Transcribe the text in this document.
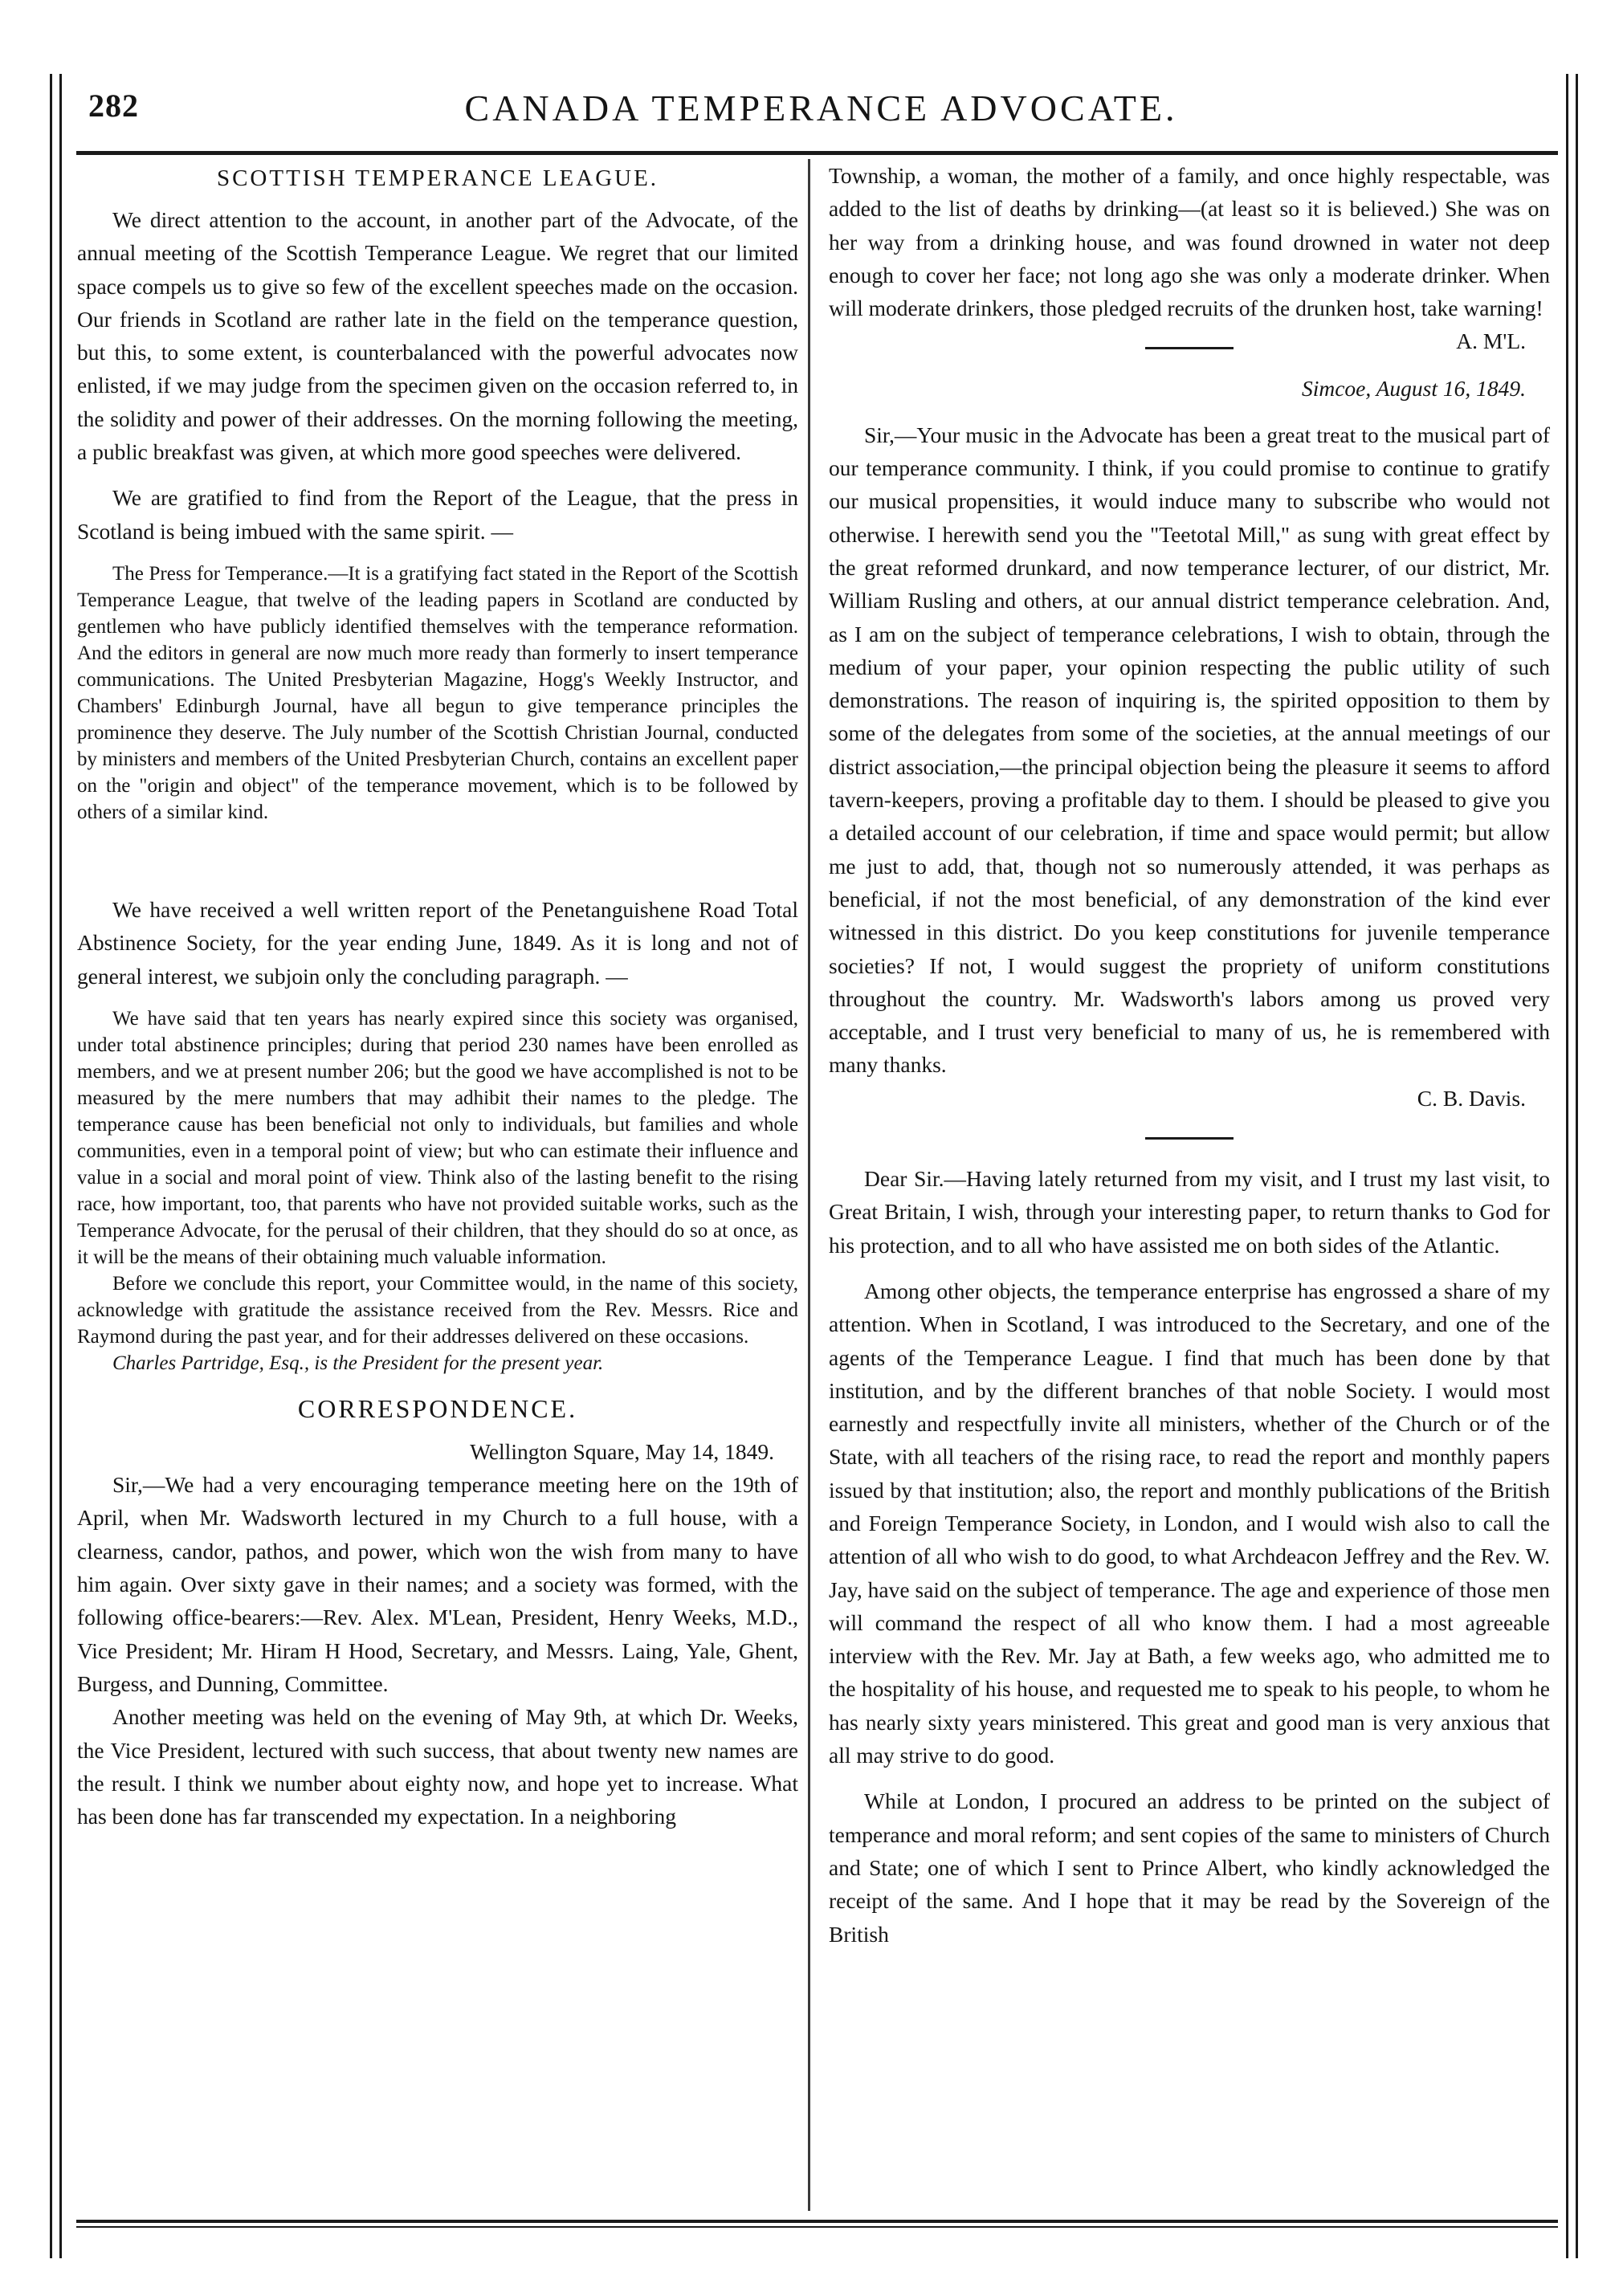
282	CANADA TEMPERANCE ADVOCATE.
SCOTTISH TEMPERANCE LEAGUE.

We direct attention to the account, in another part of the Advocate, of the annual meeting of the Scottish Temperance League. We regret that our limited space compels us to give so few of the excellent speeches made on the occasion. Our friends in Scotland are rather late in the field on the temperance question, but this, to some extent, is counterbalanced with the powerful advocates now enlisted, if we may judge from the specimen given on the occasion referred to, in the solidity and power of their addresses. On the morning following the meeting, a public breakfast was given, at which more good speeches were delivered.

We are gratified to find from the Report of the League, that the press in Scotland is being imbued with the same spirit. —

The Press for Temperance.—It is a gratifying fact stated in the Report of the Scottish Temperance League, that twelve of the leading papers in Scotland are conducted by gentlemen who have publicly identified themselves with the temperance reformation. And the editors in general are now much more ready than formerly to insert temperance communications. The United Presbyterian Magazine, Hogg's Weekly Instructor, and Chambers' Edinburgh Journal, have all begun to give temperance principles the prominence they deserve. The July number of the Scottish Christian Journal, conducted by ministers and members of the United Presbyterian Church, contains an excellent paper on the "origin and object" of the temperance movement, which is to be followed by others of a similar kind.

We have received a well written report of the Penetanguishene Road Total Abstinence Society, for the year ending June, 1849. As it is long and not of general interest, we subjoin only the concluding paragraph. —

We have said that ten years has nearly expired since this society was organised, under total abstinence principles; during that period 230 names have been enrolled as members, and we at present number 206; but the good we have accomplished is not to be measured by the mere numbers that may adhibit their names to the pledge. The temperance cause has been beneficial not only to individuals, but families and whole communities, even in a temporal point of view; but who can estimate their influence and value in a social and moral point of view. Think also of the lasting benefit to the rising race, how important, too, that parents who have not provided suitable works, such as the Temperance Advocate, for the perusal of their children, that they should do so at once, as it will be the means of their obtaining much valuable information.

Before we conclude this report, your Committee would, in the name of this society, acknowledge with gratitude the assistance received from the Rev. Messrs. Rice and Raymond during the past year, and for their addresses delivered on these occasions.

Charles Partridge, Esq., is the President for the present year.

CORRESPONDENCE.

Wellington Square, May 14, 1849.

Sir,—We had a very encouraging temperance meeting here on the 19th of April, when Mr. Wadsworth lectured in my Church to a full house, with a clearness, candor, pathos, and power, which won the wish from many to have him again. Over sixty gave in their names; and a society was formed, with the following office-bearers:—Rev. Alex. M'Lean, President, Henry Weeks, M.D., Vice President; Mr. Hiram H Hood, Secretary, and Messrs. Laing, Yale, Ghent, Burgess, and Dunning, Committee.

Another meeting was held on the evening of May 9th, at which Dr. Weeks, the Vice President, lectured with such success, that about twenty new names are the result. I think we number about eighty now, and hope yet to increase. What has been done has far transcended my expectation. In a neighboring

Township, a woman, the mother of a family, and once highly respectable, was added to the list of deaths by drinking—(at least so it is believed.) She was on her way from a drinking house, and was found drowned in water not deep enough to cover her face; not long ago she was only a moderate drinker. When will moderate drinkers, those pledged recruits of the drunken host, take warning!
A. M'L.

Simcoe, August 16, 1849.

Sir,—Your music in the Advocate has been a great treat to the musical part of our temperance community. I think, if you could promise to continue to gratify our musical propensities, it would induce many to subscribe who would not otherwise. I herewith send you the "Teetotal Mill," as sung with great effect by the great reformed drunkard, and now temperance lecturer, of our district, Mr. William Rusling and others, at our annual district temperance celebration. And, as I am on the subject of temperance celebrations, I wish to obtain, through the medium of your paper, your opinion respecting the public utility of such demonstrations. The reason of inquiring is, the spirited opposition to them by some of the delegates from some of the societies, at the annual meetings of our district association,—the principal objection being the pleasure it seems to afford tavern-keepers, proving a profitable day to them. I should be pleased to give you a detailed account of our celebration, if time and space would permit; but allow me just to add, that, though not so numerously attended, it was perhaps as beneficial, if not the most beneficial, of any demonstration of the kind ever witnessed in this district. Do you keep constitutions for juvenile temperance societies? If not, I would suggest the propriety of uniform constitutions throughout the country. Mr. Wadsworth's labors among us proved very acceptable, and I trust very beneficial to many of us, he is remembered with many thanks.

C. B. Davis.

Dear Sir.—Having lately returned from my visit, and I trust my last visit, to Great Britain, I wish, through your interesting paper, to return thanks to God for his protection, and to all who have assisted me on both sides of the Atlantic.

Among other objects, the temperance enterprise has engrossed a share of my attention. When in Scotland, I was introduced to the Secretary, and one of the agents of the Temperance League. I find that much has been done by that institution, and by the different branches of that noble Society. I would most earnestly and respectfully invite all ministers, whether of the Church or of the State, with all teachers of the rising race, to read the report and monthly papers issued by that institution; also, the report and monthly publications of the British and Foreign Temperance Society, in London, and I would wish also to call the attention of all who wish to do good, to what Archdeacon Jeffrey and the Rev. W. Jay, have said on the subject of temperance. The age and experience of those men will command the respect of all who know them. I had a most agreeable interview with the Rev. Mr. Jay at Bath, a few weeks ago, who admitted me to the hospitality of his house, and requested me to speak to his people, to whom he has nearly sixty years ministered. This great and good man is very anxious that all may strive to do good.

While at London, I procured an address to be printed on the subject of temperance and moral reform; and sent copies of the same to ministers of Church and State; one of which I sent to Prince Albert, who kindly acknowledged the receipt of the same. And I hope that it may be read by the Sovereign of the British
